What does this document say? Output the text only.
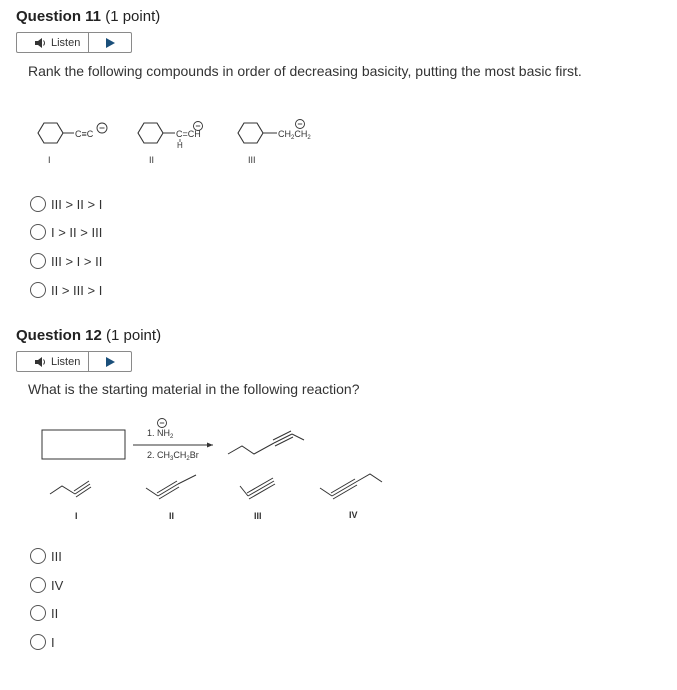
Question 11 (1 point)
Listen
Rank the following compounds in order of decreasing basicity, putting the most basic first.
C≡C
I
C=CH
H
II
$CH_2CH_2$
III
III > II > I
I > II > III
III > I > II
II > III > I
Question 12 (1 point)
Listen
What is the starting material in the following reaction?
1. $NH_2$
2. $CH_3CH_2Br$
I	II	III	IV
III
IV
II
I
